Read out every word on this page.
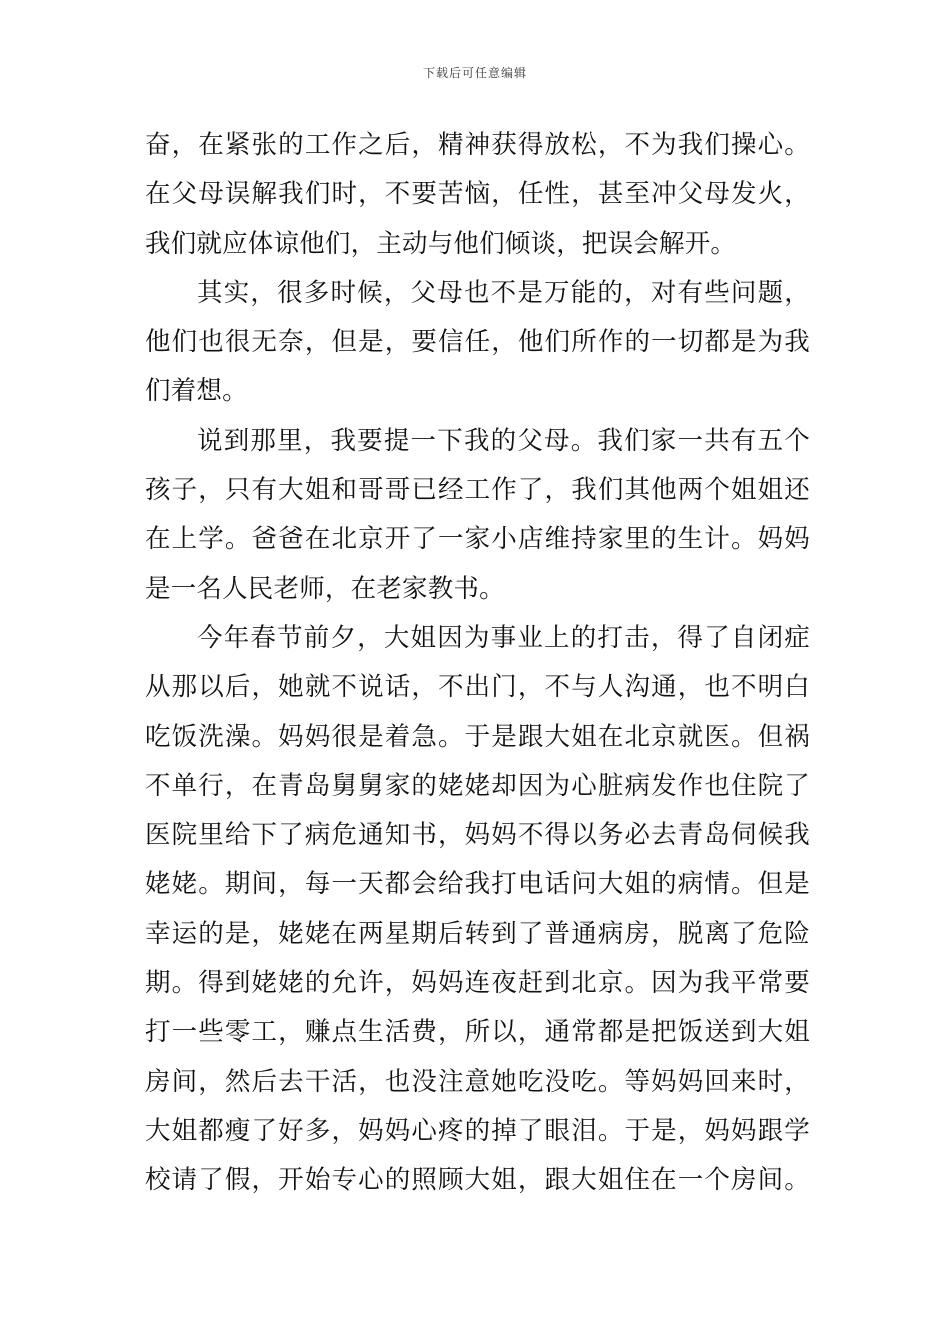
下载后可任意编辑
奋，在紧张的工作之后，精神获得放松，不为我们操心。
在父母误解我们时，不要苦恼，任性，甚至冲父母发火，
我们就应体谅他们，主动与他们倾谈，把误会解开。
其实，很多时候，父母也不是万能的，对有些问题，
他们也很无奈，但是，要信任，他们所作的一切都是为我
们着想。
说到那里，我要提一下我的父母。我们家一共有五个
孩子，只有大姐和哥哥已经工作了，我们其他两个姐姐还
在上学。爸爸在北京开了一家小店维持家里的生计。妈妈
是一名人民老师，在老家教书。
今年春节前夕，大姐因为事业上的打击，得了自闭症
从那以后，她就不说话，不出门，不与人沟通，也不明白
吃饭洗澡。妈妈很是着急。于是跟大姐在北京就医。但祸
不单行，在青岛舅舅家的姥姥却因为心脏病发作也住院了
医院里给下了病危通知书，妈妈不得以务必去青岛伺候我
姥姥。期间，每一天都会给我打电话问大姐的病情。但是
幸运的是，姥姥在两星期后转到了普通病房，脱离了危险
期。得到姥姥的允许，妈妈连夜赶到北京。因为我平常要
打一些零工，赚点生活费，所以，通常都是把饭送到大姐
房间，然后去干活，也没注意她吃没吃。等妈妈回来时，
大姐都瘦了好多，妈妈心疼的掉了眼泪。于是，妈妈跟学
校请了假，开始专心的照顾大姐，跟大姐住在一个房间。
